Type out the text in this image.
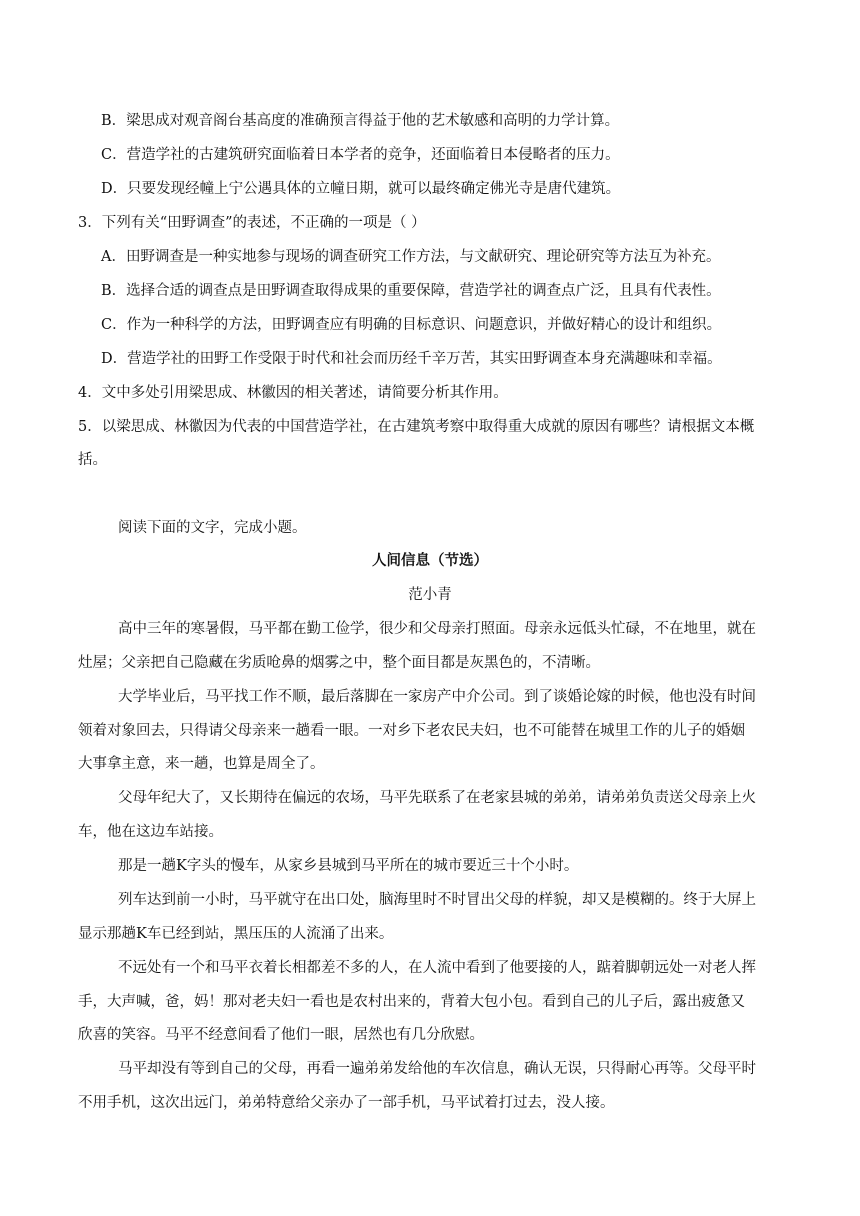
B．梁思成对观音阁台基高度的准确预言得益于他的艺术敏感和高明的力学计算。

C．营造学社的古建筑研究面临着日本学者的竞争，还面临着日本侵略者的压力。

D．只要发现经幢上宁公遇具体的立幢日期，就可以最终确定佛光寺是唐代建筑。

3．下列有关“田野调查”的表述，不正确的一项是（ ）

A．田野调查是一种实地参与现场的调查研究工作方法，与文献研究、理论研究等方法互为补充。

B．选择合适的调查点是田野调查取得成果的重要保障，营造学社的调查点广泛，且具有代表性。

C．作为一种科学的方法，田野调查应有明确的目标意识、问题意识，并做好精心的设计和组织。

D．营造学社的田野工作受限于时代和社会而历经千辛万苦，其实田野调查本身充满趣味和幸福。

4．文中多处引用梁思成、林徽因的相关著述，请简要分析其作用。

5．以梁思成、林徽因为代表的中国营造学社，在古建筑考察中取得重大成就的原因有哪些？请根据文本概

括。

阅读下面的文字，完成小题。

人间信息（节选）

范小青

高中三年的寒暑假，马平都在勤工俭学，很少和父母亲打照面。母亲永远低头忙碌，不在地里，就在

灶屋；父亲把自己隐藏在劣质呛鼻的烟雾之中，整个面目都是灰黑色的，不清晰。

大学毕业后，马平找工作不顺，最后落脚在一家房产中介公司。到了谈婚论嫁的时候，他也没有时间

领着对象回去，只得请父母亲来一趟看一眼。一对乡下老农民夫妇，也不可能替在城里工作的儿子的婚姻

大事拿主意，来一趟，也算是周全了。

父母年纪大了，又长期待在偏远的农场，马平先联系了在老家县城的弟弟，请弟弟负责送父母亲上火

车，他在这边车站接。

那是一趟K字头的慢车，从家乡县城到马平所在的城市要近三十个小时。

列车达到前一小时，马平就守在出口处，脑海里时不时冒出父母的样貌，却又是模糊的。终于大屏上

显示那趟K车已经到站，黑压压的人流涌了出来。

不远处有一个和马平衣着长相都差不多的人，在人流中看到了他要接的人，踮着脚朝远处一对老人挥

手，大声喊，爸，妈！那对老夫妇一看也是农村出来的，背着大包小包。看到自己的儿子后，露出疲惫又

欣喜的笑容。马平不经意间看了他们一眼，居然也有几分欣慰。

马平却没有等到自己的父母，再看一遍弟弟发给他的车次信息，确认无误，只得耐心再等。父母平时

不用手机，这次出远门，弟弟特意给父亲办了一部手机，马平试着打过去，没人接。
